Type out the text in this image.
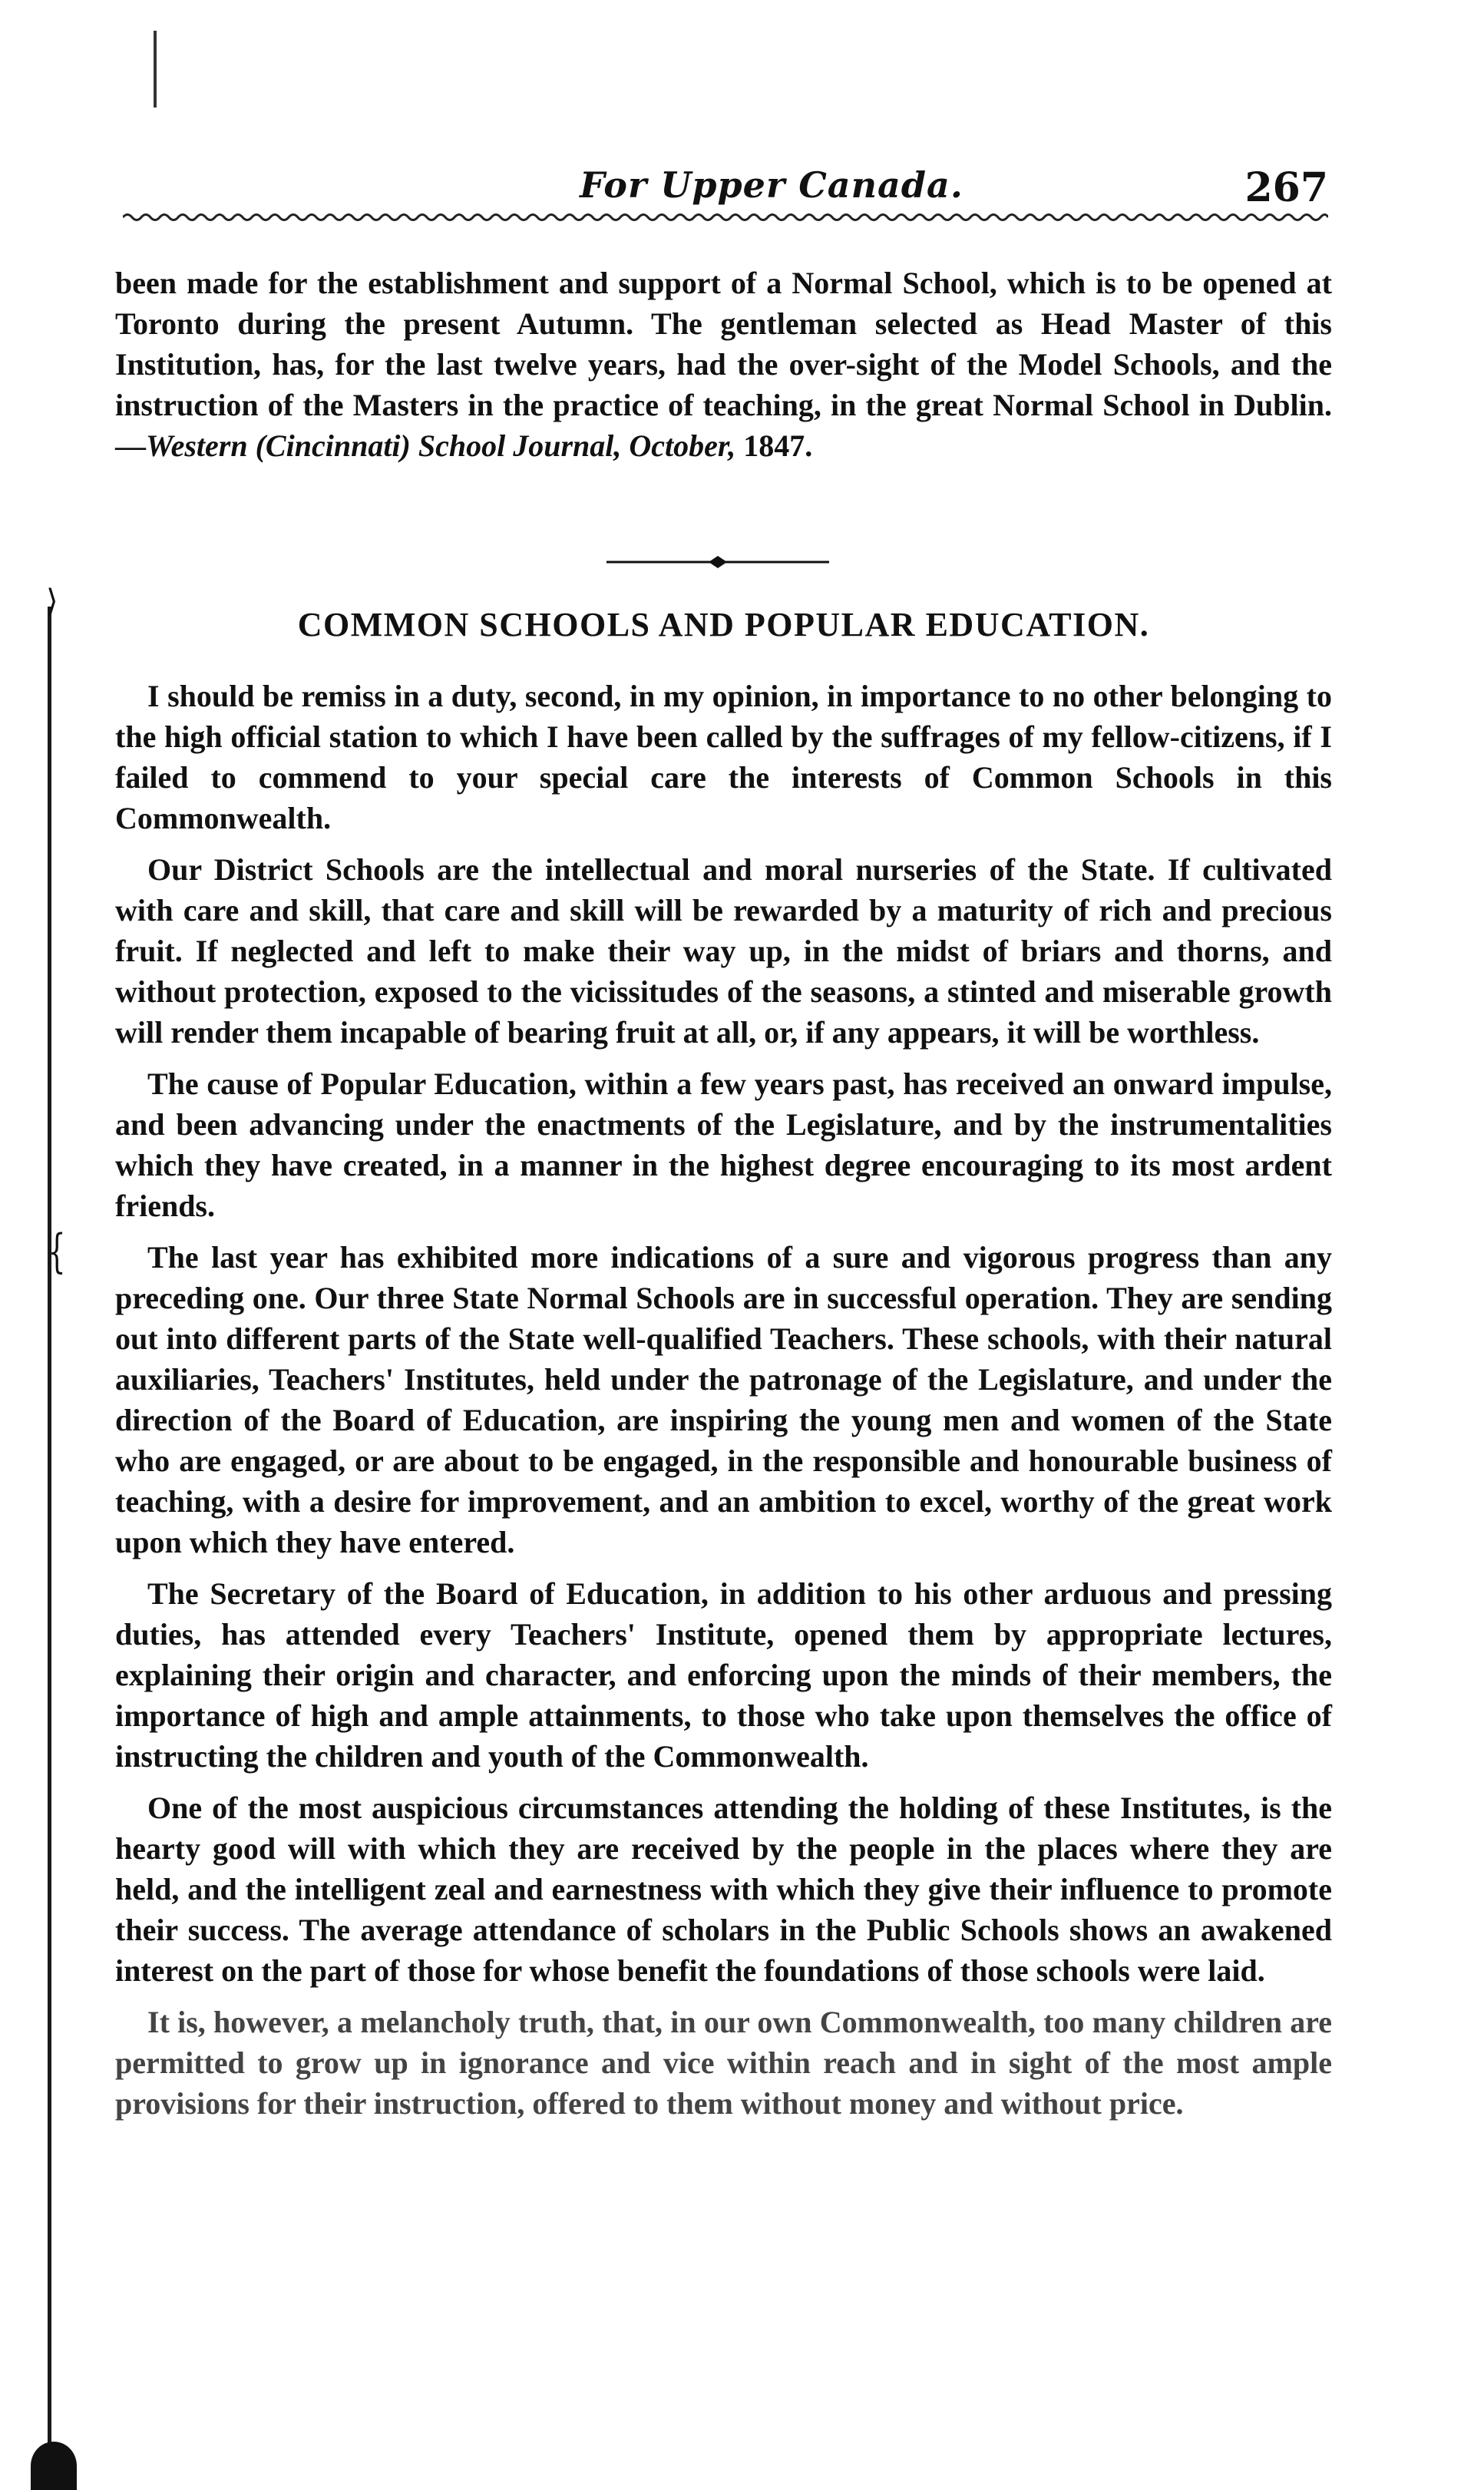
⟩
{
For Upper Canada.	267

been made for the establishment and support of a Normal School, which is to be opened at Toronto during the present Autumn. The gentleman selected as Head Master of this Institution, has, for the last twelve years, had the over-sight of the Model Schools, and the instruction of the Masters in the practice of teaching, in the great Normal School in Dublin.—Western (Cincinnati) School Journal, October, 1847.

COMMON SCHOOLS AND POPULAR EDUCATION.

I should be remiss in a duty, second, in my opinion, in importance to no other belonging to the high official station to which I have been called by the suffrages of my fellow-citizens, if I failed to commend to your special care the interests of Common Schools in this Commonwealth.

Our District Schools are the intellectual and moral nurseries of the State. If cultivated with care and skill, that care and skill will be rewarded by a maturity of rich and precious fruit. If neglected and left to make their way up, in the midst of briars and thorns, and without protection, exposed to the vicissitudes of the seasons, a stinted and miserable growth will render them incapable of bearing fruit at all, or, if any appears, it will be worthless.

The cause of Popular Education, within a few years past, has received an onward impulse, and been advancing under the enactments of the Legislature, and by the instrumentalities which they have created, in a manner in the highest degree encouraging to its most ardent friends.

The last year has exhibited more indications of a sure and vigorous progress than any preceding one. Our three State Normal Schools are in successful operation. They are sending out into different parts of the State well-qualified Teachers. These schools, with their natural auxiliaries, Teachers' Institutes, held under the patronage of the Legislature, and under the direction of the Board of Education, are inspiring the young men and women of the State who are engaged, or are about to be engaged, in the responsible and honourable business of teaching, with a desire for improvement, and an ambition to excel, worthy of the great work upon which they have entered.

The Secretary of the Board of Education, in addition to his other arduous and pressing duties, has attended every Teachers' Institute, opened them by appropriate lectures, explaining their origin and character, and enforcing upon the minds of their members, the importance of high and ample attainments, to those who take upon themselves the office of instructing the children and youth of the Commonwealth.

One of the most auspicious circumstances attending the holding of these Institutes, is the hearty good will with which they are received by the people in the places where they are held, and the intelligent zeal and earnestness with which they give their influence to promote their success. The average attendance of scholars in the Public Schools shows an awakened interest on the part of those for whose benefit the foundations of those schools were laid.

It is, however, a melancholy truth, that, in our own Commonwealth, too many children are permitted to grow up in ignorance and vice within reach and in sight of the most ample provisions for their instruction, offered to them without money and without price.
